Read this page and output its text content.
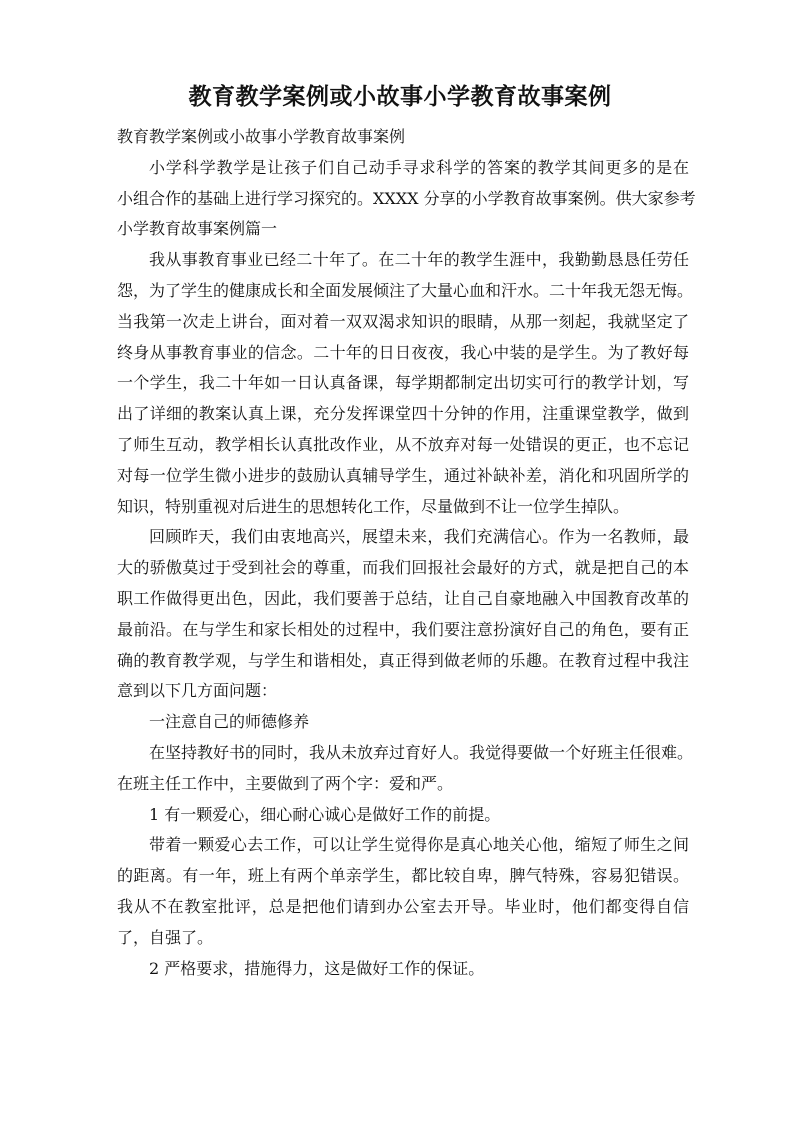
教育教学案例或小故事小学教育故事案例
教育教学案例或小故事小学教育故事案例
小学科学教学是让孩子们自己动手寻求科学的答案的教学其间更多的是在
小组合作的基础上进行学习探究的。XXXX 分享的小学教育故事案例。供大家参考
小学教育故事案例篇一
我从事教育事业已经二十年了。在二十年的教学生涯中，我勤勤恳恳任劳任
怨，为了学生的健康成长和全面发展倾注了大量心血和汗水。二十年我无怨无悔。
当我第一次走上讲台，面对着一双双渴求知识的眼睛，从那一刻起，我就坚定了
终身从事教育事业的信念。二十年的日日夜夜，我心中装的是学生。为了教好每
一个学生，我二十年如一日认真备课，每学期都制定出切实可行的教学计划，写
出了详细的教案认真上课，充分发挥课堂四十分钟的作用，注重课堂教学，做到
了师生互动，教学相长认真批改作业，从不放弃对每一处错误的更正，也不忘记
对每一位学生微小进步的鼓励认真辅导学生，通过补缺补差，消化和巩固所学的
知识，特别重视对后进生的思想转化工作，尽量做到不让一位学生掉队。
回顾昨天，我们由衷地高兴，展望未来，我们充满信心。作为一名教师，最
大的骄傲莫过于受到社会的尊重，而我们回报社会最好的方式，就是把自己的本
职工作做得更出色，因此，我们要善于总结，让自己自豪地融入中国教育改革的
最前沿。在与学生和家长相处的过程中，我们要注意扮演好自己的角色，要有正
确的教育教学观，与学生和谐相处，真正得到做老师的乐趣。在教育过程中我注
意到以下几方面问题：
一注意自己的师德修养
在坚持教好书的同时，我从未放弃过育好人。我觉得要做一个好班主任很难。
在班主任工作中，主要做到了两个字：爱和严。
1 有一颗爱心，细心耐心诚心是做好工作的前提。
带着一颗爱心去工作，可以让学生觉得你是真心地关心他，缩短了师生之间
的距离。有一年，班上有两个单亲学生，都比较自卑，脾气特殊，容易犯错误。
我从不在教室批评，总是把他们请到办公室去开导。毕业时，他们都变得自信
了，自强了。
2 严格要求，措施得力，这是做好工作的保证。
